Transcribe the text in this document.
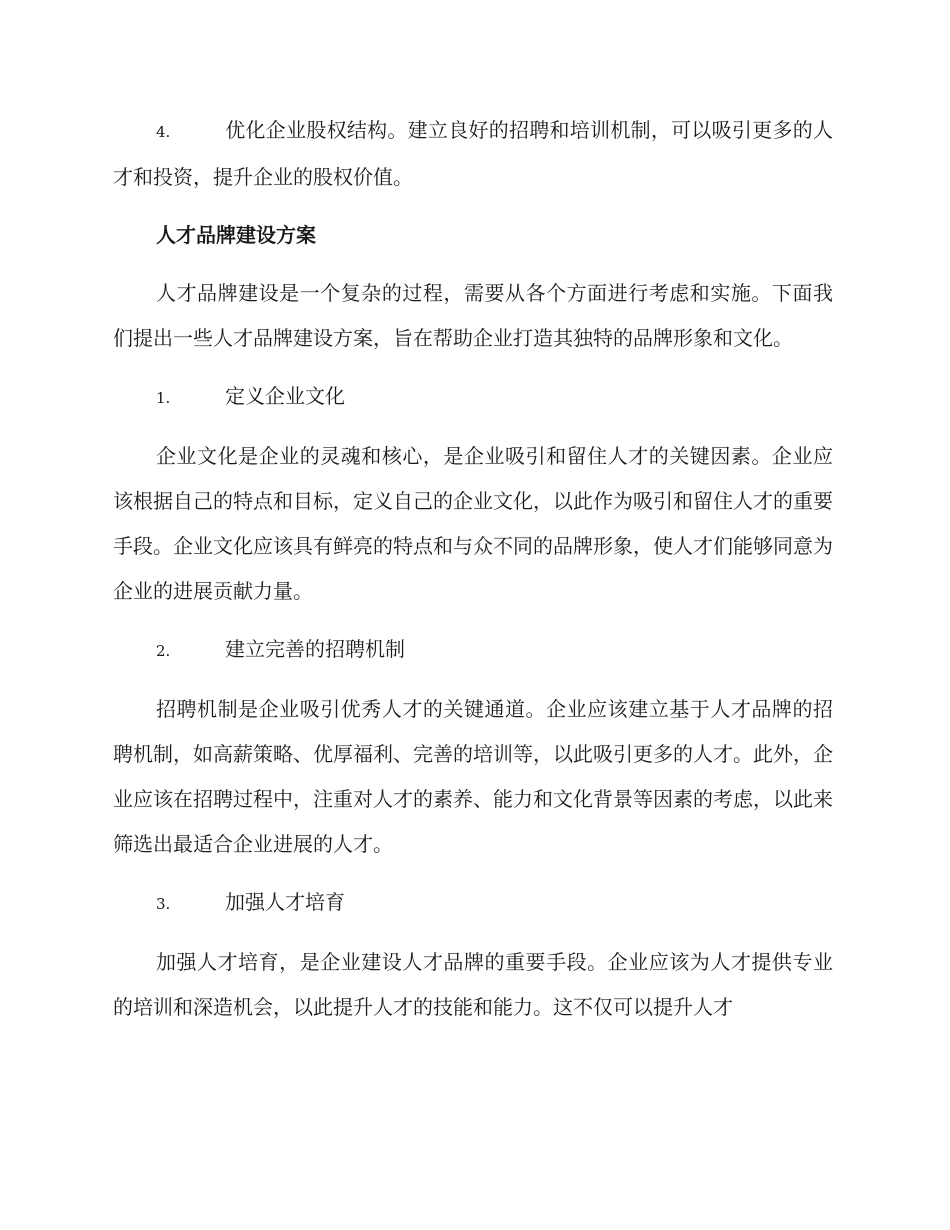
4.	优化企业股权结构。建立良好的招聘和培训机制，可以吸引更多的人才和投资，提升企业的股权价值。

人才品牌建设方案

人才品牌建设是一个复杂的过程，需要从各个方面进行考虑和实施。下面我们提出一些人才品牌建设方案，旨在帮助企业打造其独特的品牌形象和文化。

1.	定义企业文化

企业文化是企业的灵魂和核心，是企业吸引和留住人才的关键因素。企业应该根据自己的特点和目标，定义自己的企业文化，以此作为吸引和留住人才的重要手段。企业文化应该具有鲜亮的特点和与众不同的品牌形象，使人才们能够同意为企业的进展贡献力量。

2.	建立完善的招聘机制

招聘机制是企业吸引优秀人才的关键通道。企业应该建立基于人才品牌的招聘机制，如高薪策略、优厚福利、完善的培训等，以此吸引更多的人才。此外，企业应该在招聘过程中，注重对人才的素养、能力和文化背景等因素的考虑，以此来筛选出最适合企业进展的人才。

3.	加强人才培育

加强人才培育，是企业建设人才品牌的重要手段。企业应该为人才提供专业的培训和深造机会，以此提升人才的技能和能力。这不仅可以提升人才
